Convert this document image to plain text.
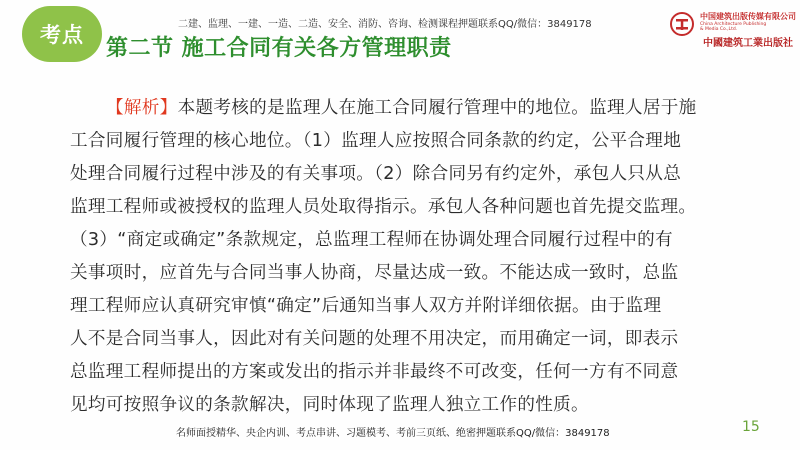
考点	二建、监理、一建、一造、二造、安全、消防、咨询、检测课程押题联系QQ/微信：3849178
第二节 施工合同有关各方管理职责
中国建筑出版传媒有限公司
China Architecture Publishing
& Media Co.,Ltd.
中國建筑工業出版社
【解析】本题考核的是监理人在施工合同履行管理中的地位。监理人居于施
工合同履行管理的核心地位。（1）监理人应按照合同条款的约定，公平合理地
处理合同履行过程中涉及的有关事项。（2）除合同另有约定外，承包人只从总
监理工程师或被授权的监理人员处取得指示。承包人各种问题也首先提交监理。
（3）“商定或确定”条款规定，总监理工程师在协调处理合同履行过程中的有
关事项时，应首先与合同当事人协商，尽量达成一致。不能达成一致时，总监
理工程师应认真研究审慎“确定”后通知当事人双方并附详细依据。由于监理
人不是合同当事人，因此对有关问题的处理不用决定，而用确定一词，即表示
总监理工程师提出的方案或发出的指示并非最终不可改变，任何一方有不同意
见均可按照争议的条款解决，同时体现了监理人独立工作的性质。
名师面授精华、央企内训、考点串讲、习题模考、考前三页纸、绝密押题联系QQ/微信：3849178	15
